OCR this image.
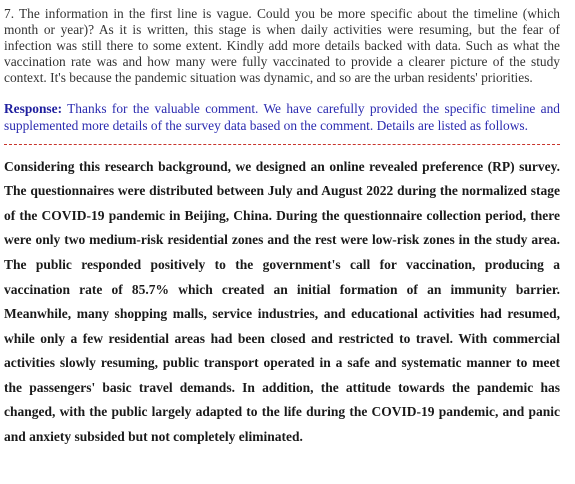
7. The information in the first line is vague. Could you be more specific about the timeline (which month or year)? As it is written, this stage is when daily activities were resuming, but the fear of infection was still there to some extent. Kindly add more details backed with data. Such as what the vaccination rate was and how many were fully vaccinated to provide a clearer picture of the study context. It's because the pandemic situation was dynamic, and so are the urban residents' priorities.

Response: Thanks for the valuable comment. We have carefully provided the specific timeline and supplemented more details of the survey data based on the comment. Details are listed as follows.

Considering this research background, we designed an online revealed preference (RP) survey. The questionnaires were distributed between July and August 2022 during the normalized stage of the COVID-19 pandemic in Beijing, China. During the questionnaire collection period, there were only two medium-risk residential zones and the rest were low-risk zones in the study area. The public responded positively to the government's call for vaccination, producing a vaccination rate of 85.7% which created an initial formation of an immunity barrier. Meanwhile, many shopping malls, service industries, and educational activities had resumed, while only a few residential areas had been closed and restricted to travel. With commercial activities slowly resuming, public transport operated in a safe and systematic manner to meet the passengers' basic travel demands. In addition, the attitude towards the pandemic has changed, with the public largely adapted to the life during the COVID-19 pandemic, and panic and anxiety subsided but not completely eliminated.
